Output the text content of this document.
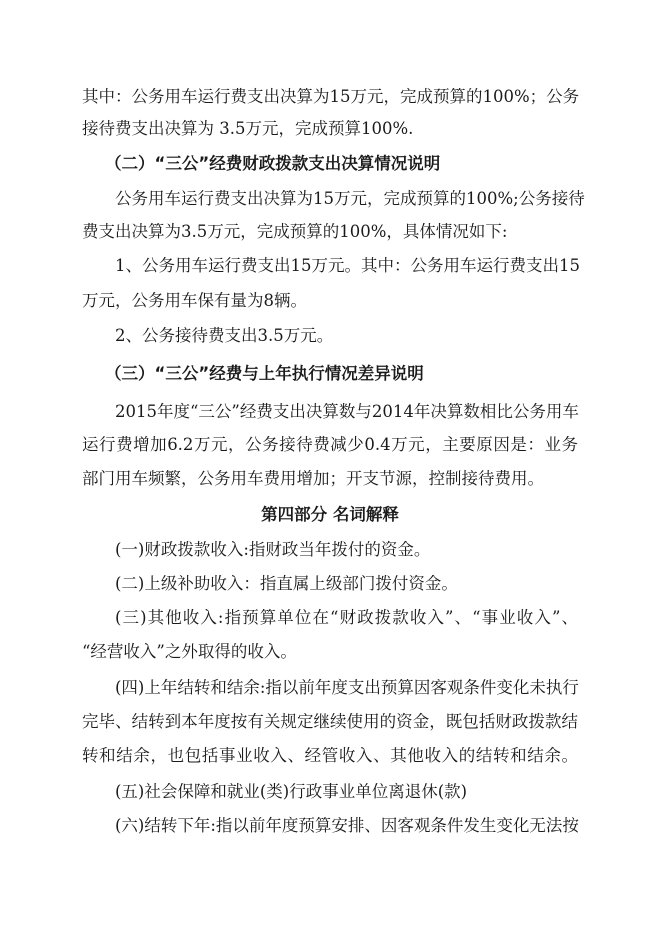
其中：公务用车运行费支出决算为15万元，完成预算的100%；公务
接待费支出决算为 3.5万元，完成预算100%.
（二）“三公”经费财政拨款支出决算情况说明
公务用车运行费支出决算为15万元，完成预算的100%;公务接待
费支出决算为3.5万元，完成预算的100%，具体情况如下:
1、公务用车运行费支出15万元。其中：公务用车运行费支出15
万元，公务用车保有量为8辆。
2、公务接待费支出3.5万元。
（三）“三公”经费与上年执行情况差异说明
2015年度“三公”经费支出决算数与2014年决算数相比公务用车
运行费增加6.2万元，公务接待费减少0.4万元，主要原因是：业务
部门用车频繁，公务用车费用增加；开支节源，控制接待费用。
第四部分 名词解释
(一)财政拨款收入:指财政当年拨付的资金。
(二)上级补助收入：指直属上级部门拨付资金。
(三)其他收入:指预算单位在“财政拨款收入”、“事业收入”、
“经营收入”之外取得的收入。
(四)上年结转和结余:指以前年度支出预算因客观条件变化未执行
完毕、结转到本年度按有关规定继续使用的资金，既包括财政拨款结
转和结余，也包括事业收入、经管收入、其他收入的结转和结余。
(五)社会保障和就业(类)行政事业单位离退休(款)
(六)结转下年:指以前年度预算安排、因客观条件发生变化无法按
